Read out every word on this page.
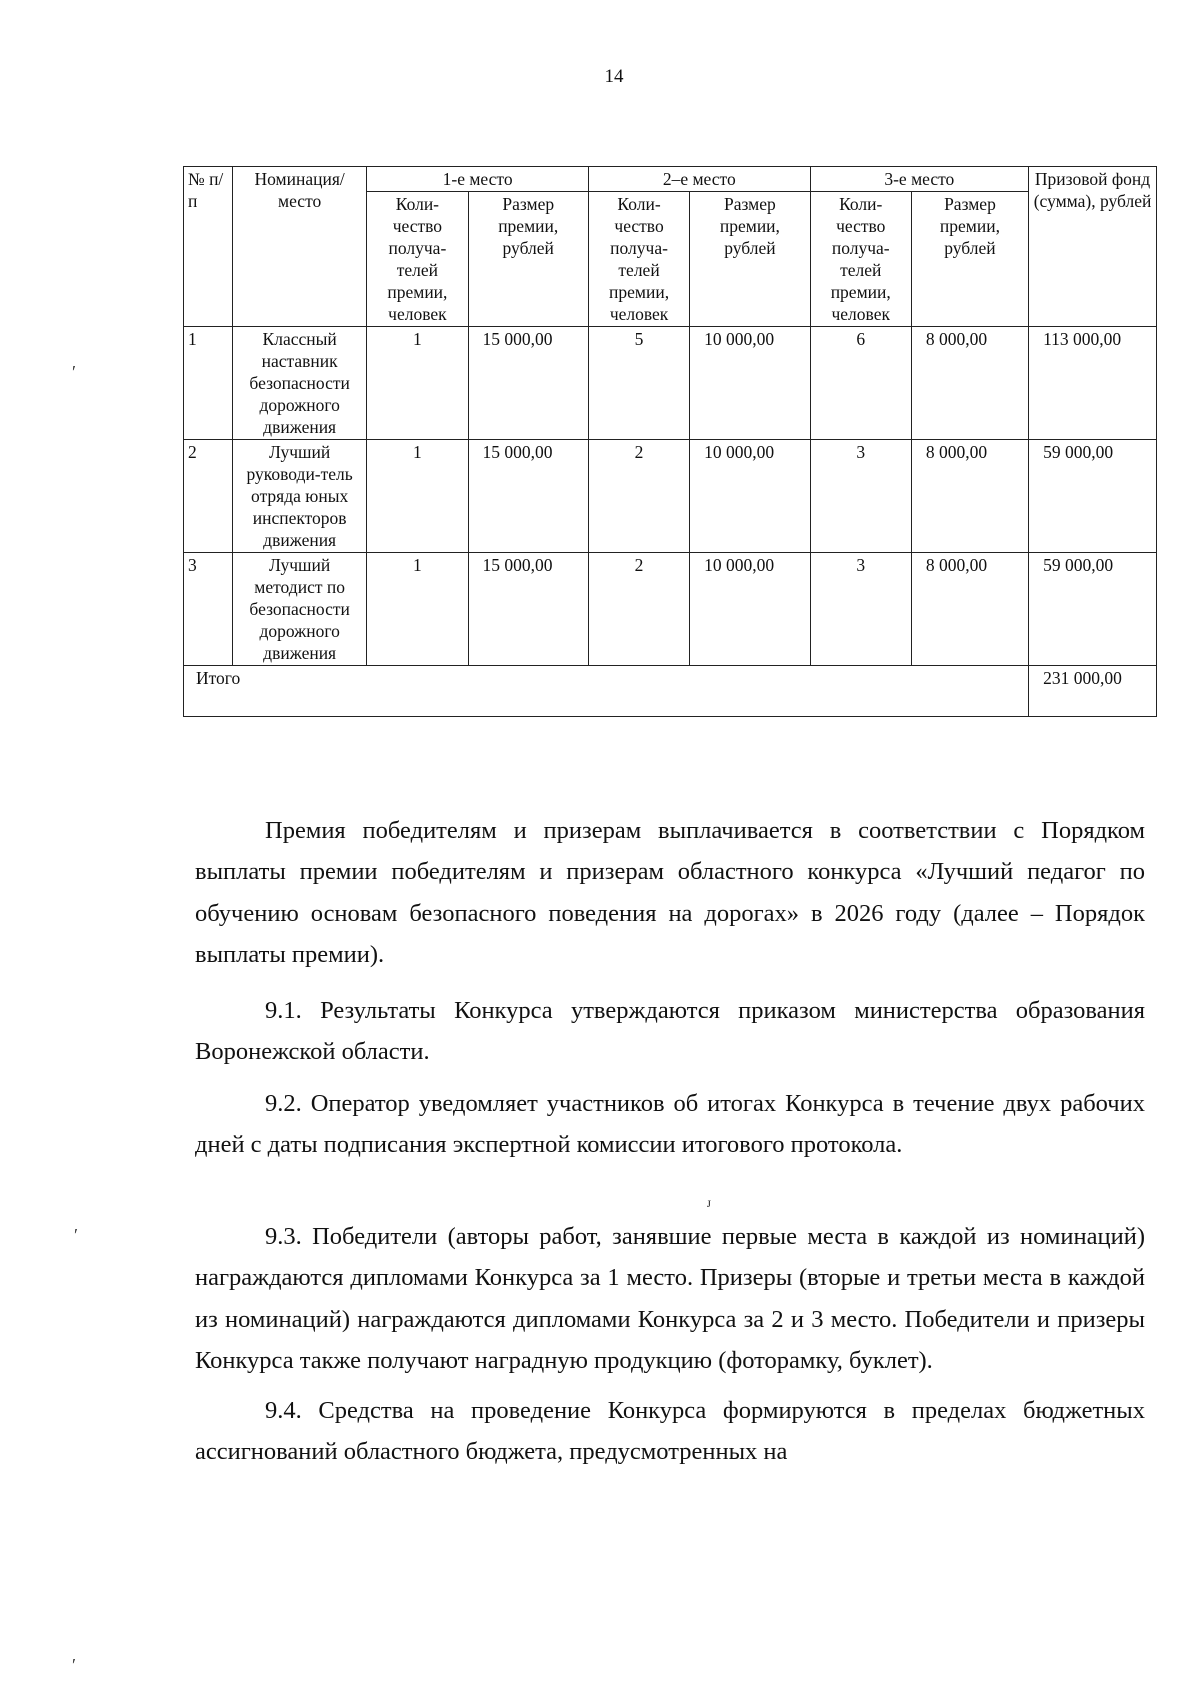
14
№ п/п	Номинация/ место	1-е место		2–е место		3-е место		Призовой фонд (сумма), рублей
		Коли-чество получа-телей премии, человек	Размер премии, рублей	Коли-чество получа-телей премии, человек	Размер премии, рублей	Коли-чество получа-телей премии, человек	Размер премии, рублей	
1	Классный наставник безопасности дорожного движения	1	15 000,00	5	10 000,00	6	8 000,00	113 000,00
2	Лучший руководи-тель отряда юных инспекторов движения	1	15 000,00	2	10 000,00	3	8 000,00	59 000,00
3	Лучший методист по безопасности дорожного движения	1	15 000,00	2	10 000,00	3	8 000,00	59 000,00
Итого								231 000,00

Премия победителям и призерам выплачивается в соответствии с Порядком выплаты премии победителям и призерам областного конкурса «Лучший педагог по обучению основам безопасного поведения на дорогах» в 2026 году (далее – Порядок выплаты премии).

9.1. Результаты Конкурса утверждаются приказом министерства образования Воронежской области.

9.2. Оператор уведомляет участников об итогах Конкурса в течение двух рабочих дней с даты подписания экспертной комиссии итогового протокола.

9.3. Победители (авторы работ, занявшие первые места в каждой из номинаций) награждаются дипломами Конкурса за 1 место. Призеры (вторые и третьи места в каждой из номинаций) награждаются дипломами Конкурса за 2 и 3 место. Победители и призеры Конкурса также получают наградную продукцию (фоторамку, буклет).

9.4. Средства на проведение Конкурса формируются в пределах бюджетных ассигнований областного бюджета, предусмотренных на

′
′
′
ᴊ
